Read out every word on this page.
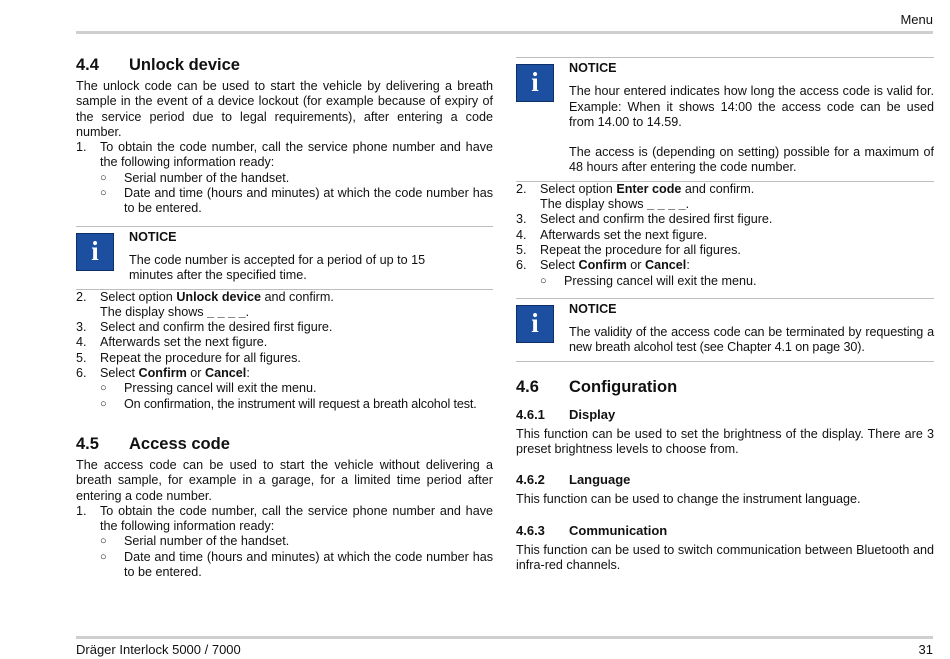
Menu
4.4	Unlock device

The unlock code can be used to start the vehicle by delivering a breath sample in the event of a device lockout (for example because of expiry of the service period due to legal requirements), after entering a code number.

1.	To obtain the code number, call the service phone number and have the following information ready:
○	Serial number of the handset.
○	Date and time (hours and minutes) at which the code number has to be entered.
i	NOTICE
The code number is accepted for a period of up to 15 minutes after the specified time.
2.	Select option Unlock device and confirm.
The display shows _ _ _ _.
3.	Select and confirm the desired first figure.
4.	Afterwards set the next figure.
5.	Repeat the procedure for all figures.
6.	Select Confirm or Cancel:
○	Pressing cancel will exit the menu.
○	On confirmation, the instrument will request a breath alcohol test.
4.5	Access code

The access code can be used to start the vehicle without delivering a breath sample, for example in a garage, for a limited time period after entering a code number.

1.	To obtain the code number, call the service phone number and have the following information ready:
○	Serial number of the handset.
○	Date and time (hours and minutes) at which the code number has to be entered.
i	NOTICE

The hour entered indicates how long the access code is valid for. Example: When it shows 14:00 the access code can be used from 14.00 to 14.59.

The access is (depending on setting) possible for a maximum of 48 hours after entering the code number.

2.	Select option Enter code and confirm.
The display shows _ _ _ _.
3.	Select and confirm the desired first figure.
4.	Afterwards set the next figure.
5.	Repeat the procedure for all figures.
6.	Select Confirm or Cancel:
○	Pressing cancel will exit the menu.
i	NOTICE

The validity of the access code can be terminated by requesting a new breath alcohol test (see Chapter 4.1 on page 30).

4.6	Configuration
4.6.1	Display

This function can be used to set the brightness of the display. There are 3 preset brightness levels to choose from.

4.6.2	Language

This function can be used to change the instrument language.

4.6.3	Communication

This function can be used to switch communication between Bluetooth and infra-red channels.

Dräger Interlock 5000 / 7000	31
